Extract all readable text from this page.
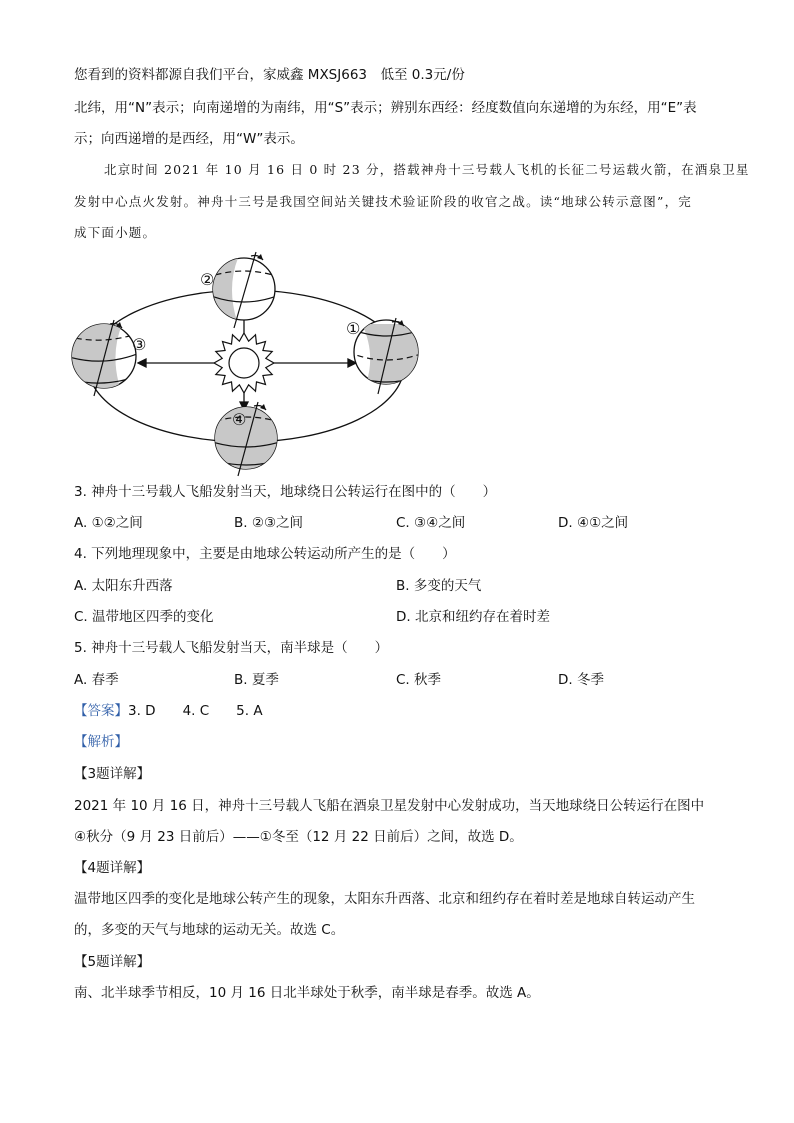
您看到的资料都源自我们平台，家威鑫 MXSJ663　低至 0.3元/份
北纬，用“N”表示；向南递增的为南纬，用“S”表示；辨别东西经：经度数值向东递增的为东经，用“E”表
示；向西递增的是西经，用“W”表示。
北京时间 2021 年 10 月 16 日 0 时 23 分，搭载神舟十三号载人飞机的长征二号运载火箭，在酒泉卫星
发射中心点火发射。神舟十三号是我国空间站关键技术验证阶段的收官之战。读“地球公转示意图”，完
成下面小题。
①
②
③
④
3. 神舟十三号载人飞船发射当天，地球绕日公转运行在图中的（　　）
A. ①②之间	B. ②③之间	C. ③④之间	D. ④①之间
4. 下列地理现象中，主要是由地球公转运动所产生的是（　　）
A. 太阳东升西落	B. 多变的天气
C. 温带地区四季的变化	D. 北京和纽约存在着时差
5. 神舟十三号载人飞船发射当天，南半球是（　　）
A. 春季	B. 夏季	C. 秋季	D. 冬季
【答案】3. D　　4. C　　5. A
【解析】
【3题详解】
2021 年 10 月 16 日，神舟十三号载人飞船在酒泉卫星发射中心发射成功，当天地球绕日公转运行在图中
④秋分（9 月 23 日前后）——①冬至（12 月 22 日前后）之间，故选 D。
【4题详解】
温带地区四季的变化是地球公转产生的现象，太阳东升西落、北京和纽约存在着时差是地球自转运动产生
的，多变的天气与地球的运动无关。故选 C。
【5题详解】
南、北半球季节相反，10 月 16 日北半球处于秋季，南半球是春季。故选 A。
